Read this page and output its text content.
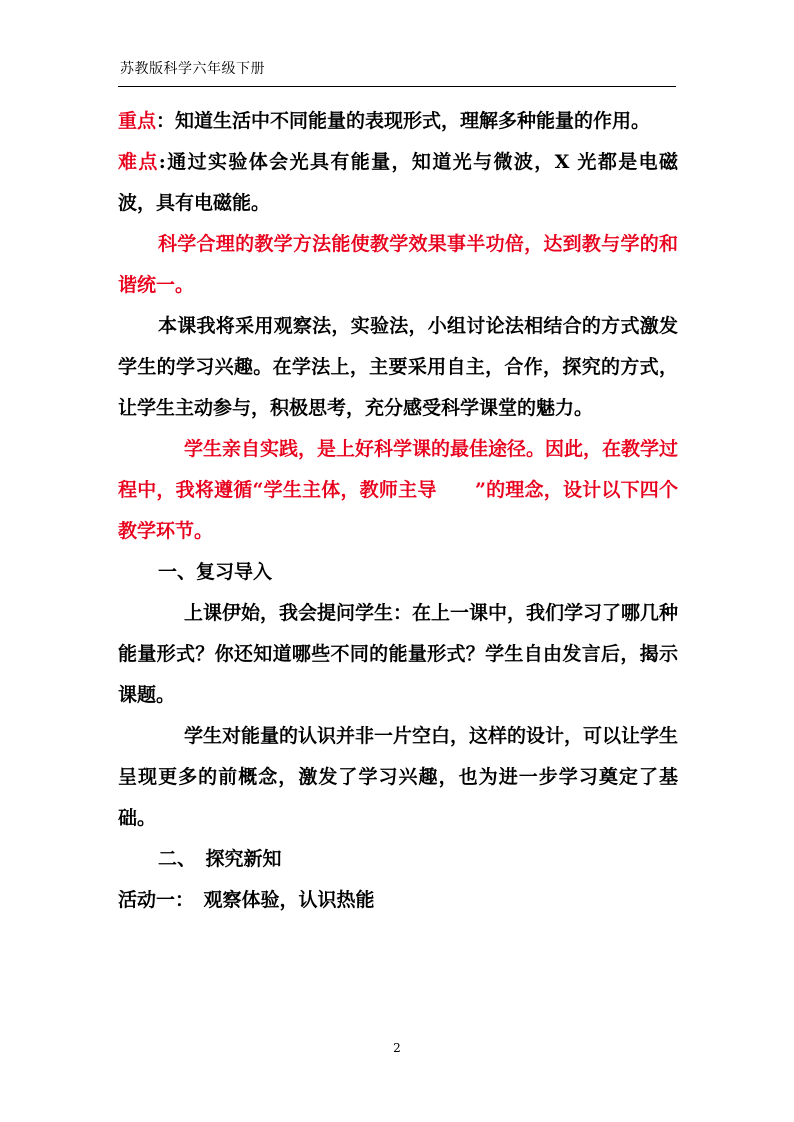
苏教版科学六年级下册

重点：知道生活中不同能量的表现形式，理解多种能量的作用。

难点:通过实验体会光具有能量，知道光与微波，X 光都是电磁波，具有电磁能。

科学合理的教学方法能使教学效果事半功倍，达到教与学的和谐统一。

本课我将采用观察法，实验法，小组讨论法相结合的方式激发学生的学习兴趣。在学法上，主要采用自主，合作，探究的方式，让学生主动参与，积极思考，充分感受科学课堂的魅力。

学生亲自实践，是上好科学课的最佳途径。因此，在教学过程中，我将遵循“学生主体，教师主导　　”的理念，设计以下四个教学环节。

一、复习导入

上课伊始，我会提问学生：在上一课中，我们学习了哪几种能量形式？你还知道哪些不同的能量形式？学生自由发言后，揭示课题。

学生对能量的认识并非一片空白，这样的设计，可以让学生呈现更多的前概念，激发了学习兴趣，也为进一步学习奠定了基础。

二、　探究新知

活动一：　观察体验，认识热能

2
